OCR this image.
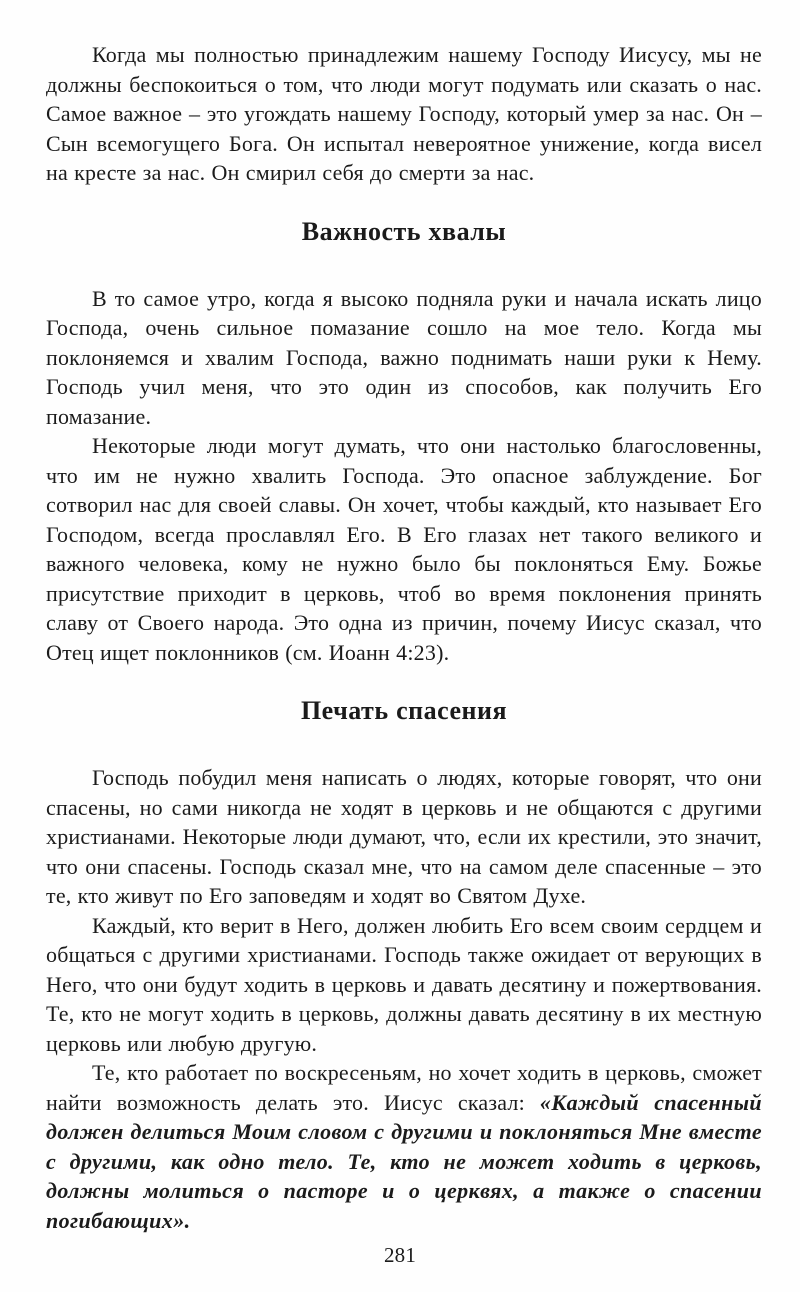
Когда мы полностью принадлежим нашему Господу Иисусу, мы не должны беспокоиться о том, что люди могут подумать или сказать о нас. Самое важное – это угождать нашему Господу, который умер за нас. Он – Сын всемогущего Бога. Он испытал невероятное унижение, когда висел на кресте за нас. Он смирил себя до смерти за нас.

Важность хвалы

В то самое утро, когда я высоко подняла руки и начала искать лицо Господа, очень сильное помазание сошло на мое тело. Когда мы поклоняемся и хвалим Господа, важно поднимать наши руки к Нему. Господь учил меня, что это один из способов, как получить Его помазание.

Некоторые люди могут думать, что они настолько благословенны, что им не нужно хвалить Господа. Это опасное заблуждение. Бог сотворил нас для своей славы. Он хочет, чтобы каждый, кто называет Его Господом, всегда прославлял Его. В Его глазах нет такого великого и важного человека, кому не нужно было бы поклоняться Ему. Божье присутствие приходит в церковь, чтоб во время поклонения принять славу от Своего народа. Это одна из причин, почему Иисус сказал, что Отец ищет поклонников (см. Иоанн 4:23).

Печать спасения

Господь побудил меня написать о людях, которые говорят, что они спасены, но сами никогда не ходят в церковь и не общаются с другими христианами. Некоторые люди думают, что, если их крестили, это значит, что они спасены. Господь сказал мне, что на самом деле спасенные – это те, кто живут по Его заповедям и ходят во Святом Духе.

Каждый, кто верит в Него, должен любить Его всем своим сердцем и общаться с другими христианами. Господь также ожидает от верующих в Него, что они будут ходить в церковь и давать десятину и пожертвования. Те, кто не могут ходить в церковь, должны давать десятину в их местную церковь или любую другую.

Те, кто работает по воскресеньям, но хочет ходить в церковь, сможет найти возможность делать это. Иисус сказал: «Каждый спасенный должен делиться Моим словом с другими и поклоняться Мне вместе с другими, как одно тело. Те, кто не может ходить в церковь, должны молиться о пасторе и о церквях, а также о спасении погибающих».

281
